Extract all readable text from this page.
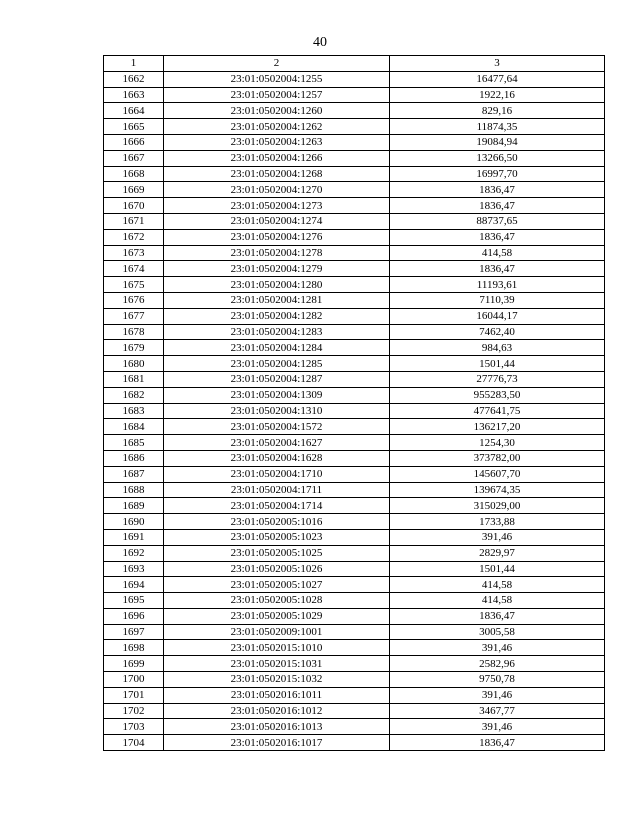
40
1	2	3
1662	23:01:0502004:1255	16477,64
1663	23:01:0502004:1257	1922,16
1664	23:01:0502004:1260	829,16
1665	23:01:0502004:1262	11874,35
1666	23:01:0502004:1263	19084,94
1667	23:01:0502004:1266	13266,50
1668	23:01:0502004:1268	16997,70
1669	23:01:0502004:1270	1836,47
1670	23:01:0502004:1273	1836,47
1671	23:01:0502004:1274	88737,65
1672	23:01:0502004:1276	1836,47
1673	23:01:0502004:1278	414,58
1674	23:01:0502004:1279	1836,47
1675	23:01:0502004:1280	11193,61
1676	23:01:0502004:1281	7110,39
1677	23:01:0502004:1282	16044,17
1678	23:01:0502004:1283	7462,40
1679	23:01:0502004:1284	984,63
1680	23:01:0502004:1285	1501,44
1681	23:01:0502004:1287	27776,73
1682	23:01:0502004:1309	955283,50
1683	23:01:0502004:1310	477641,75
1684	23:01:0502004:1572	136217,20
1685	23:01:0502004:1627	1254,30
1686	23:01:0502004:1628	373782,00
1687	23:01:0502004:1710	145607,70
1688	23:01:0502004:1711	139674,35
1689	23:01:0502004:1714	315029,00
1690	23:01:0502005:1016	1733,88
1691	23:01:0502005:1023	391,46
1692	23:01:0502005:1025	2829,97
1693	23:01:0502005:1026	1501,44
1694	23:01:0502005:1027	414,58
1695	23:01:0502005:1028	414,58
1696	23:01:0502005:1029	1836,47
1697	23:01:0502009:1001	3005,58
1698	23:01:0502015:1010	391,46
1699	23:01:0502015:1031	2582,96
1700	23:01:0502015:1032	9750,78
1701	23:01:0502016:1011	391,46
1702	23:01:0502016:1012	3467,77
1703	23:01:0502016:1013	391,46
1704	23:01:0502016:1017	1836,47
